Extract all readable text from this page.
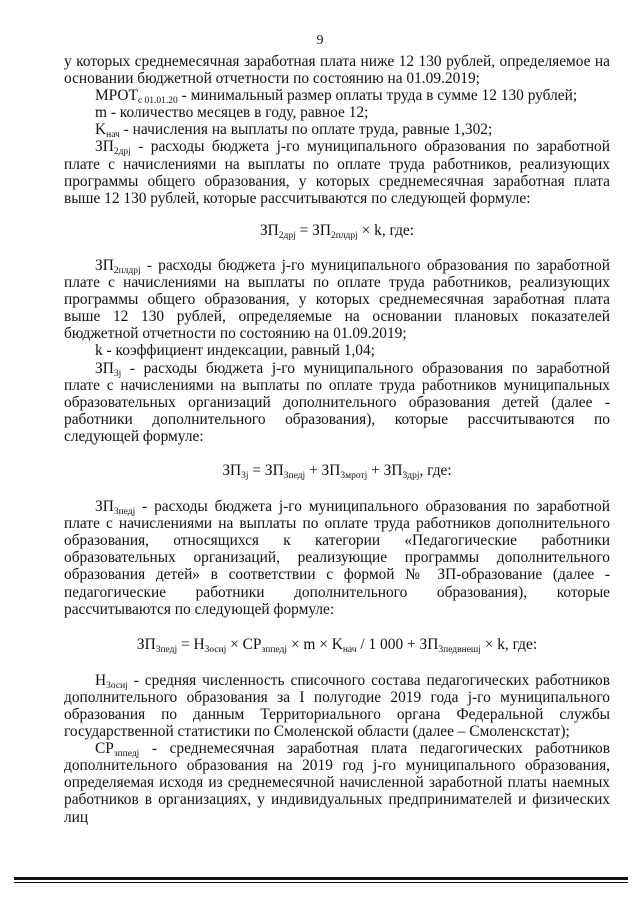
9

у которых среднемесячная заработная плата ниже 12 130 рублей, определяемое на основании бюджетной отчетности по состоянию на 01.09.2019;

$МРОТ_{с 01.01.20}$ - минимальный размер оплаты труда в сумме 12 130 рублей;

m - количество месяцев в году, равное 12;

$K_{нач}$ - начисления на выплаты по оплате труда, равные 1,302;

$ЗП_{2дрj}$ - расходы бюджета j-го муниципального образования по заработной плате с начислениями на выплаты по оплате труда работников, реализующих программы общего образования, у которых среднемесячная заработная плата выше 12 130 рублей, которые рассчитываются по следующей формуле:

$ЗП_{2дрj} = ЗП_{2плдрj} \times k$, где:

$ЗП_{2плдрj}$ - расходы бюджета j-го муниципального образования по заработной плате с начислениями на выплаты по оплате труда работников, реализующих программы общего образования, у которых среднемесячная заработная плата выше 12 130 рублей, определяемые на основании плановых показателей бюджетной отчетности по состоянию на 01.09.2019;

k - коэффициент индексации, равный 1,04;

$ЗП_{3j}$ - расходы бюджета j-го муниципального образования по заработной плате с начислениями на выплаты по оплате труда работников муниципальных образовательных организаций дополнительного образования детей (далее - работники дополнительного образования), которые рассчитываются по следующей формуле:

$ЗП_{3j} = ЗП_{3педj} + ЗП_{3мротj} + ЗП_{3дрj}$, где:

$ЗП_{3педj}$ - расходы бюджета j-го муниципального образования по заработной плате с начислениями на выплаты по оплате труда работников дополнительного образования, относящихся к категории «Педагогические работники образовательных организаций, реализующие программы дополнительного образования детей» в соответствии с формой № ЗП-образование (далее - педагогические работники дополнительного образования), которые рассчитываются по следующей формуле:

$ЗП_{3педj} = Н_{3осиj} \times СР_{зппедj} \times m \times K_{нач} / 1$ $000 + ЗП_{3педвнешj} \times k$, где:

$Н_{3осиj}$ - средняя численность списочного состава педагогических работников дополнительного образования за I полугодие 2019 года j-го муниципального образования по данным Территориального органа Федеральной службы государственной статистики по Смоленской области (далее – Смоленскстат);

$СР_{зппедj}$ - среднемесячная заработная плата педагогических работников дополнительного образования на 2019 год j-го муниципального образования, определяемая исходя из среднемесячной начисленной заработной платы наемных работников в организациях, у индивидуальных предпринимателей и физических лиц
